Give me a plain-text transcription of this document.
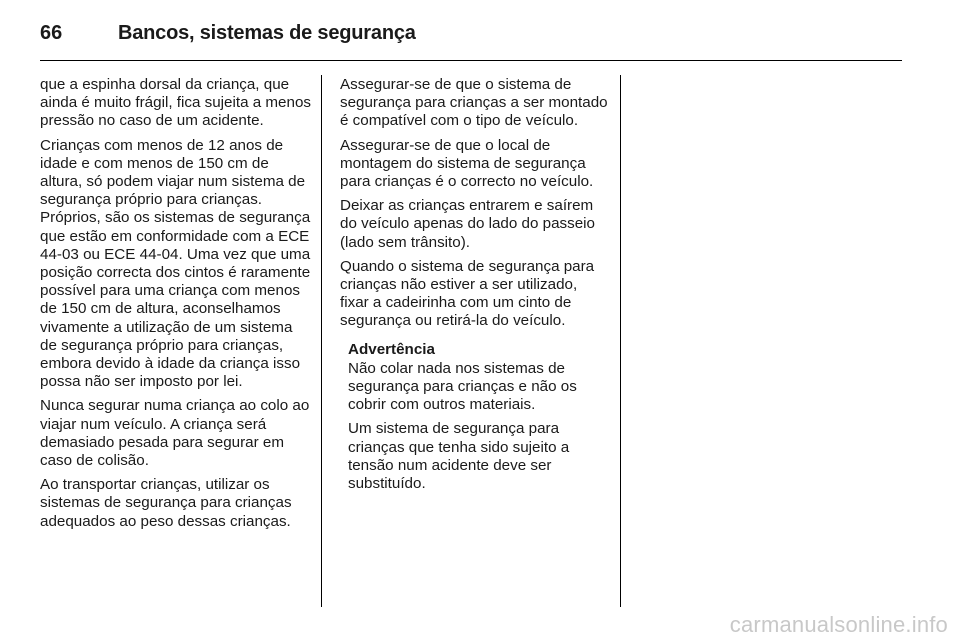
66	Bancos, sistemas de segurança

que a espinha dorsal da criança, que ainda é muito frágil, fica sujeita a menos pressão no caso de um acidente.

Crianças com menos de 12 anos de idade e com menos de 150 cm de altura, só podem viajar num sistema de segurança próprio para crianças. Próprios, são os sistemas de segurança que estão em conformidade com a ECE 44-03 ou ECE 44-04. Uma vez que uma posição correcta dos cintos é raramente possível para uma criança com menos de 150 cm de altura, aconselhamos vivamente a utilização de um sistema de segurança próprio para crianças, embora devido à idade da criança isso possa não ser imposto por lei.

Nunca segurar numa criança ao colo ao viajar num veículo. A criança será demasiado pesada para segurar em caso de colisão.

Ao transportar crianças, utilizar os sistemas de segurança para crianças adequados ao peso dessas crianças.

Assegurar-se de que o sistema de segurança para crianças a ser montado é compatível com o tipo de veículo.

Assegurar-se de que o local de montagem do sistema de segurança para crianças é o correcto no veículo.

Deixar as crianças entrarem e saírem do veículo apenas do lado do passeio (lado sem trânsito).

Quando o sistema de segurança para crianças não estiver a ser utilizado, fixar a cadeirinha com um cinto de segurança ou retirá-la do veículo.

Advertência

Não colar nada nos sistemas de segurança para crianças e não os cobrir com outros materiais.

Um sistema de segurança para crianças que tenha sido sujeito a tensão num acidente deve ser substituído.

carmanualsonline.info
